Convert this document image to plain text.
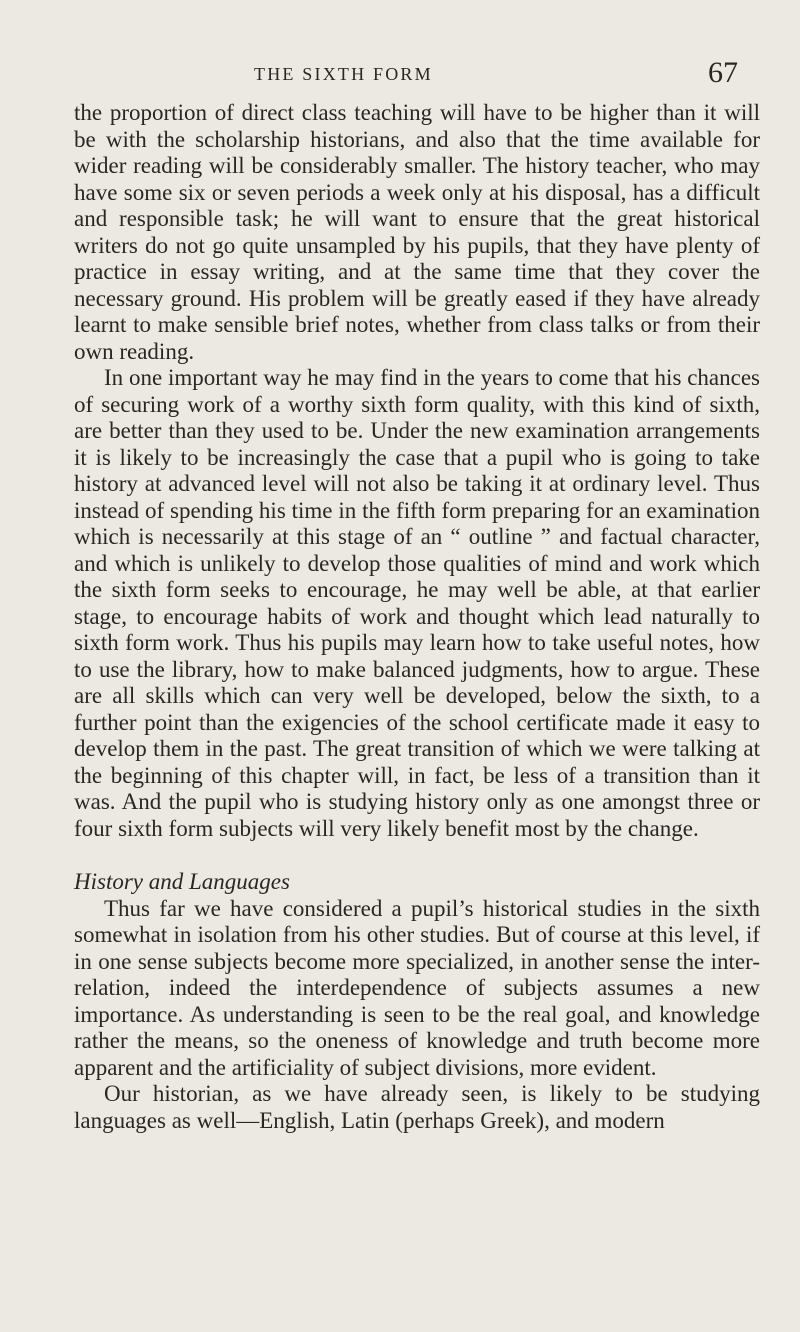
THE SIXTH FORM	67

the proportion of direct class teaching will have to be higher than it will be with the scholarship historians, and also that the time available for wider reading will be considerably smaller. The history teacher, who may have some six or seven periods a week only at his disposal, has a difficult and responsible task; he will want to ensure that the great historical writers do not go quite unsampled by his pupils, that they have plenty of practice in essay writing, and at the same time that they cover the necessary ground. His problem will be greatly eased if they have already learnt to make sensible brief notes, whether from class talks or from their own reading.

In one important way he may find in the years to come that his chances of securing work of a worthy sixth form quality, with this kind of sixth, are better than they used to be. Under the new examination arrangements it is likely to be increasingly the case that a pupil who is going to take history at advanced level will not also be taking it at ordinary level. Thus instead of spending his time in the fifth form preparing for an examination which is necessarily at this stage of an “ outline ” and factual character, and which is unlikely to develop those qualities of mind and work which the sixth form seeks to encourage, he may well be able, at that earlier stage, to encourage habits of work and thought which lead naturally to sixth form work. Thus his pupils may learn how to take useful notes, how to use the library, how to make balanced judgments, how to argue. These are all skills which can very well be developed, below the sixth, to a further point than the exigencies of the school certificate made it easy to develop them in the past. The great transition of which we were talking at the beginning of this chapter will, in fact, be less of a transition than it was. And the pupil who is studying history only as one amongst three or four sixth form subjects will very likely benefit most by the change.

History and Languages

Thus far we have considered a pupil’s historical studies in the sixth somewhat in isolation from his other studies. But of course at this level, if in one sense subjects become more specialized, in another sense the inter-relation, indeed the interdependence of subjects assumes a new importance. As understanding is seen to be the real goal, and knowledge rather the means, so the oneness of knowledge and truth become more apparent and the artificiality of subject divisions, more evident.

Our historian, as we have already seen, is likely to be studying languages as well—English, Latin (perhaps Greek), and modern
